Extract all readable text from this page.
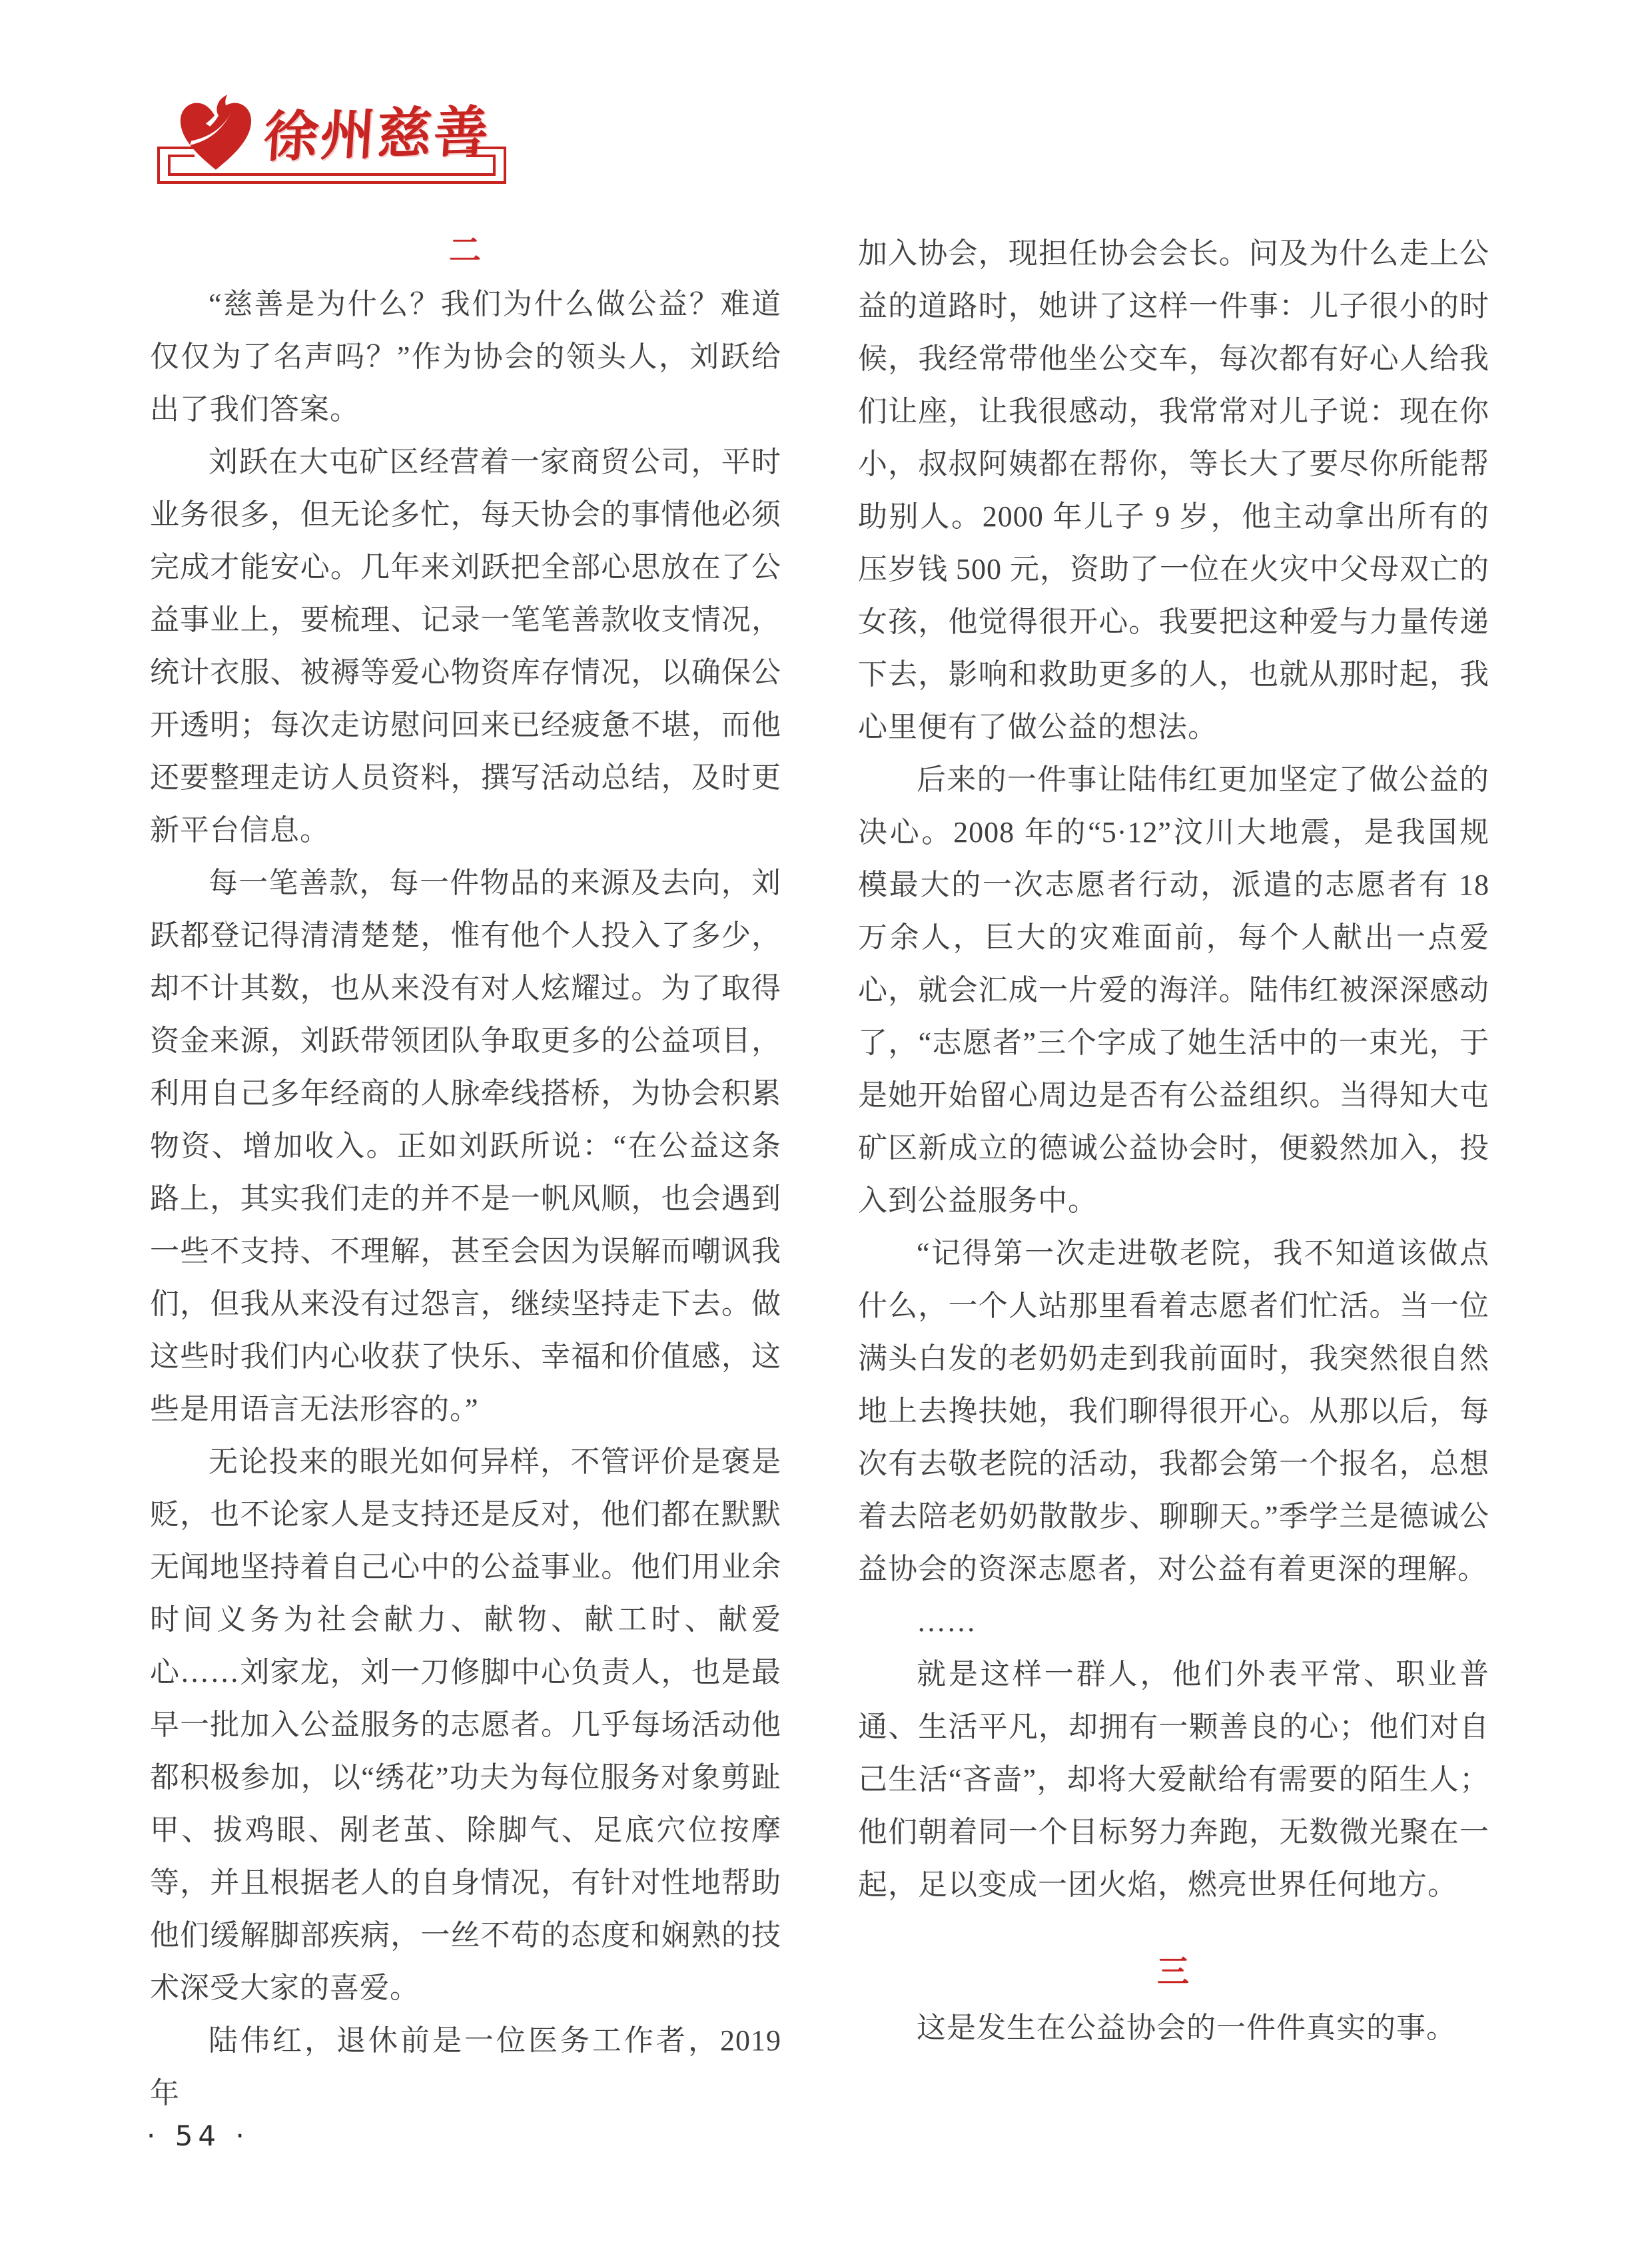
徐州慈善
二

“慈善是为什么？我们为什么做公益？难道仅仅为了名声吗？”作为协会的领头人，刘跃给出了我们答案。

刘跃在大屯矿区经营着一家商贸公司，平时业务很多，但无论多忙，每天协会的事情他必须完成才能安心。几年来刘跃把全部心思放在了公益事业上，要梳理、记录一笔笔善款收支情况，统计衣服、被褥等爱心物资库存情况，以确保公开透明；每次走访慰问回来已经疲惫不堪，而他还要整理走访人员资料，撰写活动总结，及时更新平台信息。

每一笔善款，每一件物品的来源及去向，刘跃都登记得清清楚楚，惟有他个人投入了多少，却不计其数，也从来没有对人炫耀过。为了取得资金来源，刘跃带领团队争取更多的公益项目，利用自己多年经商的人脉牵线搭桥，为协会积累物资、增加收入。正如刘跃所说：“在公益这条路上，其实我们走的并不是一帆风顺，也会遇到一些不支持、不理解，甚至会因为误解而嘲讽我们，但我从来没有过怨言，继续坚持走下去。做这些时我们内心收获了快乐、幸福和价值感，这些是用语言无法形容的。”

无论投来的眼光如何异样，不管评价是褒是贬，也不论家人是支持还是反对，他们都在默默无闻地坚持着自己心中的公益事业。他们用业余时间义务为社会献力、献物、献工时、献爱心……刘家龙，刘一刀修脚中心负责人，也是最早一批加入公益服务的志愿者。几乎每场活动他都积极参加，以“绣花”功夫为每位服务对象剪趾甲、拔鸡眼、剐老茧、除脚气、足底穴位按摩等，并且根据老人的自身情况，有针对性地帮助他们缓解脚部疾病，一丝不苟的态度和娴熟的技术深受大家的喜爱。

陆伟红，退休前是一位医务工作者，2019 年

加入协会，现担任协会会长。问及为什么走上公益的道路时，她讲了这样一件事：儿子很小的时候，我经常带他坐公交车，每次都有好心人给我们让座，让我很感动，我常常对儿子说：现在你小，叔叔阿姨都在帮你，等长大了要尽你所能帮助别人。2000 年儿子 9 岁，他主动拿出所有的压岁钱 500 元，资助了一位在火灾中父母双亡的女孩，他觉得很开心。我要把这种爱与力量传递下去，影响和救助更多的人，也就从那时起，我心里便有了做公益的想法。

后来的一件事让陆伟红更加坚定了做公益的决心。2008 年的“5·12”汶川大地震，是我国规模最大的一次志愿者行动，派遣的志愿者有 18 万余人，巨大的灾难面前，每个人献出一点爱心，就会汇成一片爱的海洋。陆伟红被深深感动了，“志愿者”三个字成了她生活中的一束光，于是她开始留心周边是否有公益组织。当得知大屯矿区新成立的德诚公益协会时，便毅然加入，投入到公益服务中。

“记得第一次走进敬老院，我不知道该做点什么，一个人站那里看着志愿者们忙活。当一位满头白发的老奶奶走到我前面时，我突然很自然地上去搀扶她，我们聊得很开心。从那以后，每次有去敬老院的活动，我都会第一个报名，总想着去陪老奶奶散散步、聊聊天。”季学兰是德诚公益协会的资深志愿者，对公益有着更深的理解。

……

就是这样一群人，他们外表平常、职业普通、生活平凡，却拥有一颗善良的心；他们对自己生活“吝啬”，却将大爱献给有需要的陌生人；他们朝着同一个目标努力奔跑，无数微光聚在一起，足以变成一团火焰，燃亮世界任何地方。

三

这是发生在公益协会的一件件真实的事。

· 54 ·
